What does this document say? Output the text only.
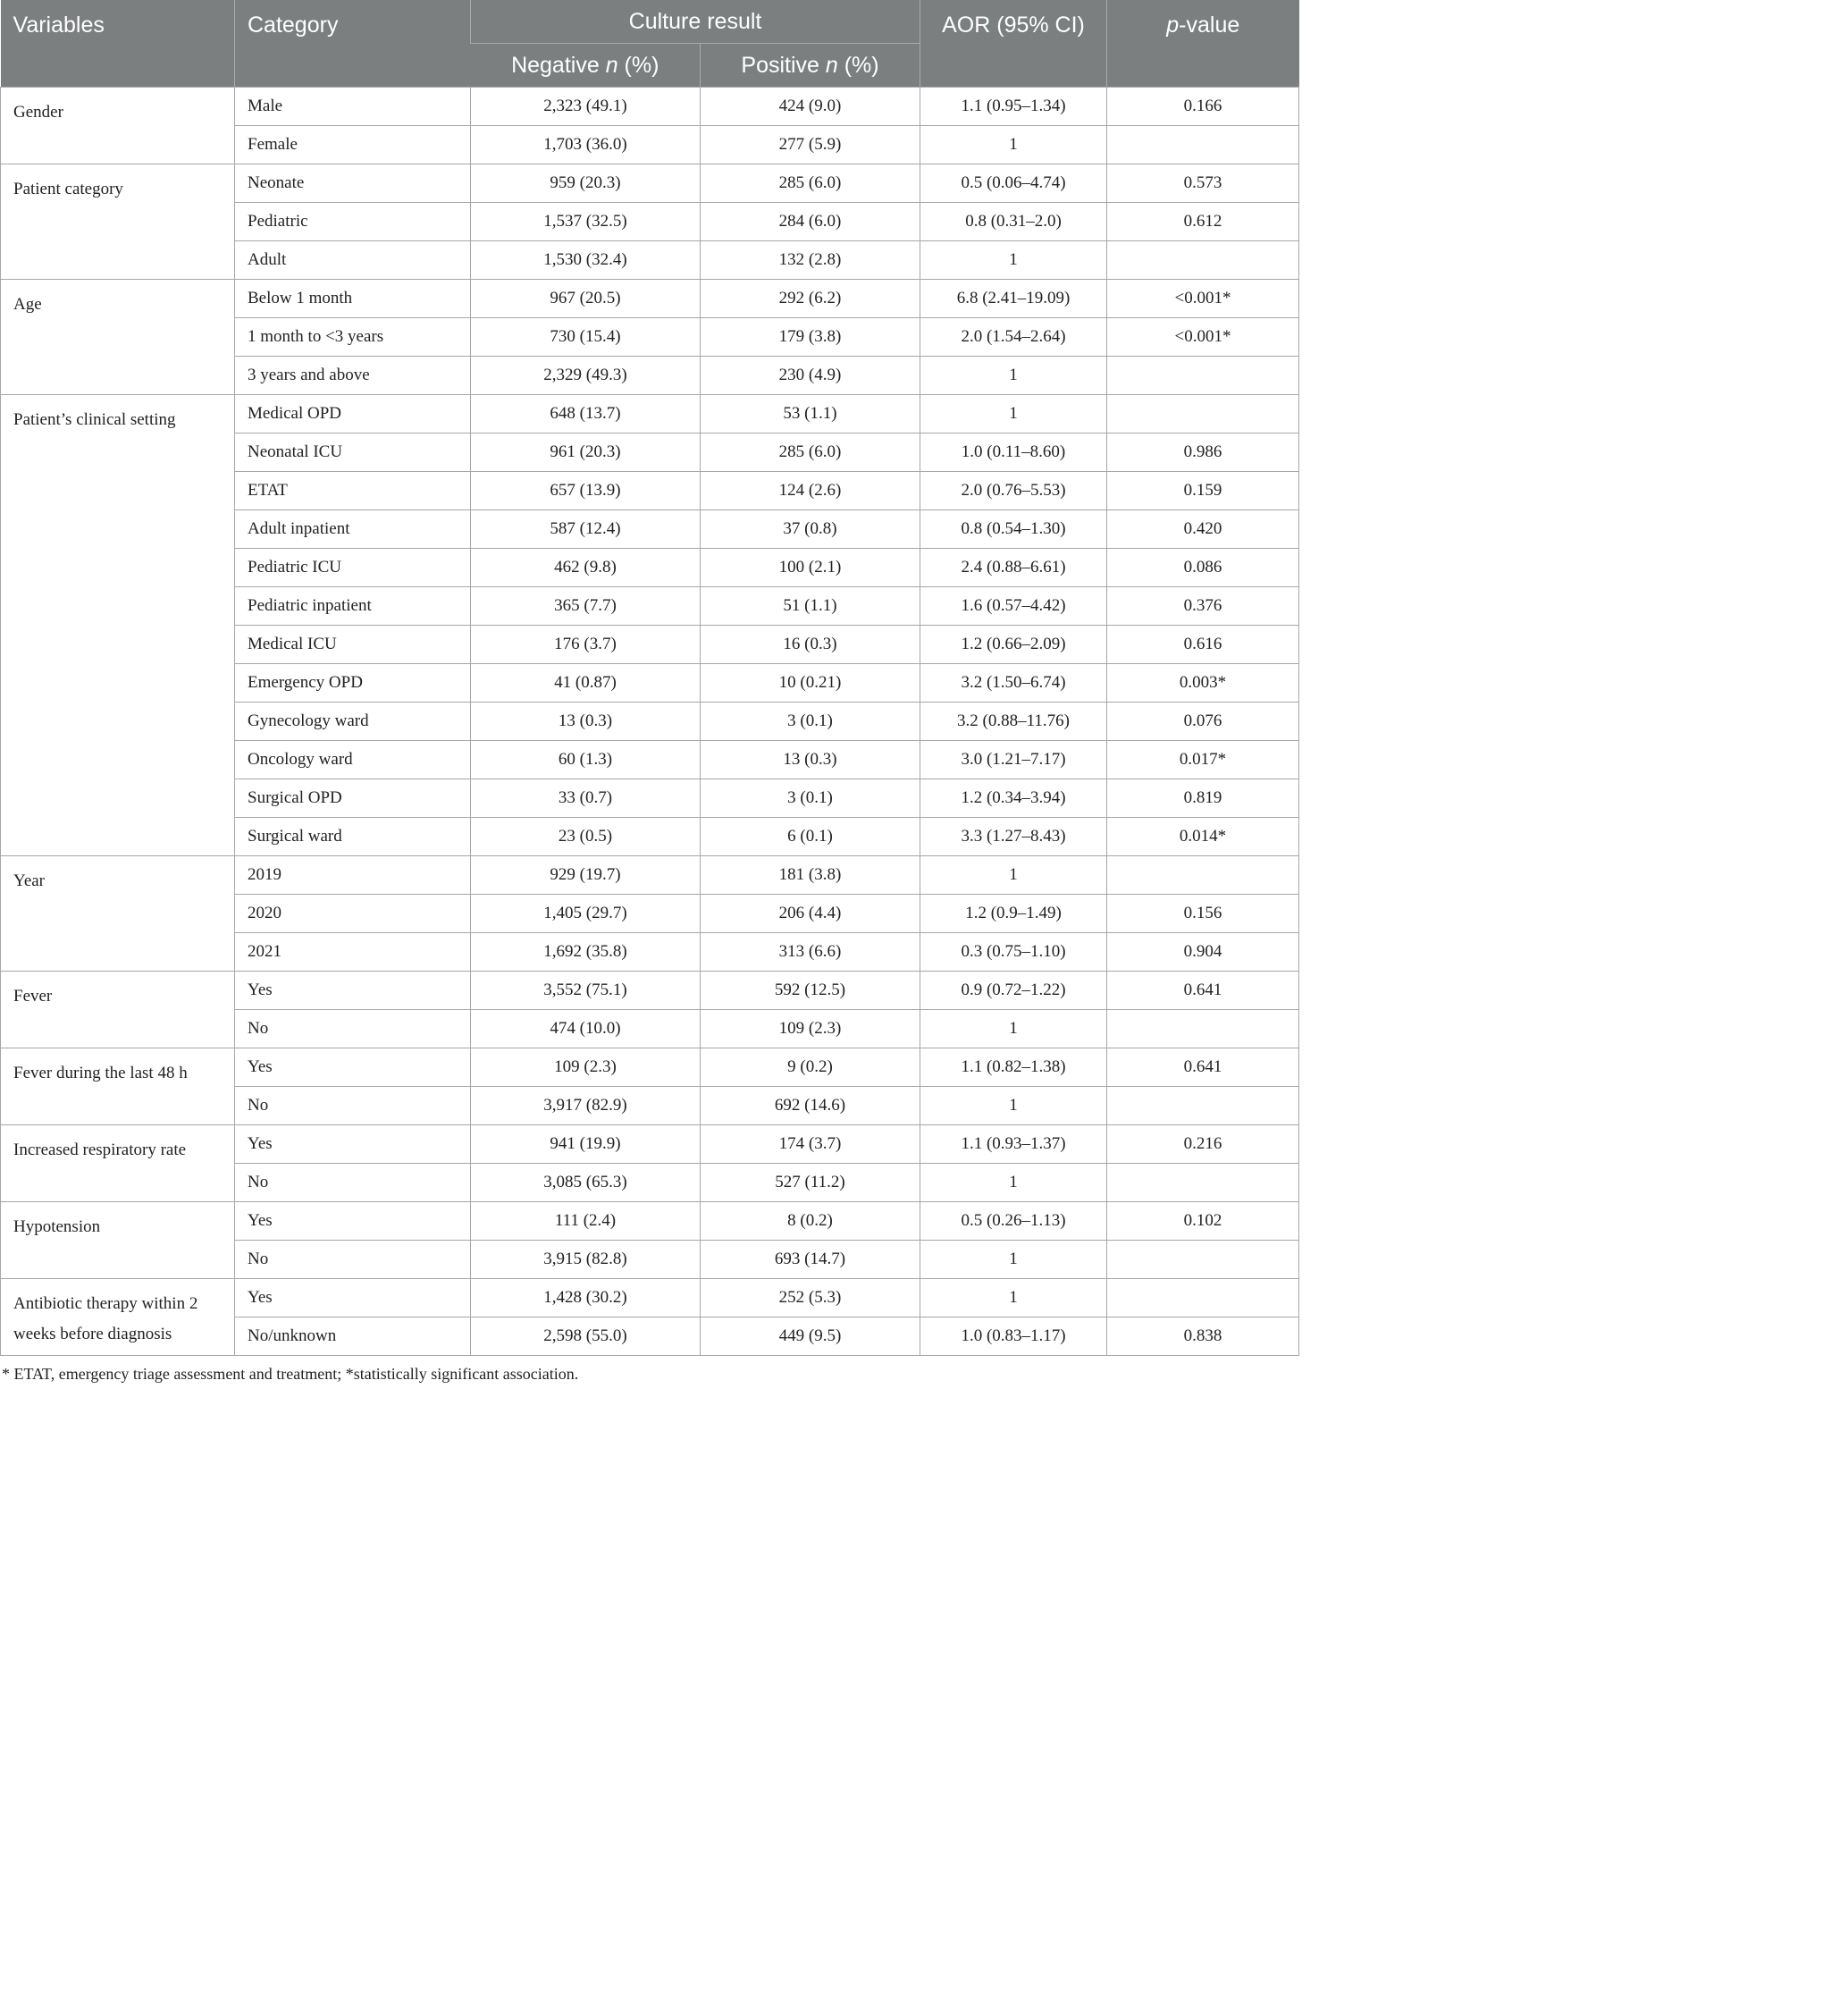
Variables	Category	Culture result		AOR (95% CI)	p-value
		Negative n (%)	Positive n (%)		
Gender	Male	2,323 (49.1)	424 (9.0)	1.1 (0.95–1.34)	0.166
	Female	1,703 (36.0)	277 (5.9)	1	
Patient category	Neonate	959 (20.3)	285 (6.0)	0.5 (0.06–4.74)	0.573
	Pediatric	1,537 (32.5)	284 (6.0)	0.8 (0.31–2.0)	0.612
	Adult	1,530 (32.4)	132 (2.8)	1	
Age	Below 1 month	967 (20.5)	292 (6.2)	6.8 (2.41–19.09)	<0.001*
	1 month to <3 years	730 (15.4)	179 (3.8)	2.0 (1.54–2.64)	<0.001*
	3 years and above	2,329 (49.3)	230 (4.9)	1	
Patient’s clinical setting	Medical OPD	648 (13.7)	53 (1.1)	1	
	Neonatal ICU	961 (20.3)	285 (6.0)	1.0 (0.11–8.60)	0.986
	ETAT	657 (13.9)	124 (2.6)	2.0 (0.76–5.53)	0.159
	Adult inpatient	587 (12.4)	37 (0.8)	0.8 (0.54–1.30)	0.420
	Pediatric ICU	462 (9.8)	100 (2.1)	2.4 (0.88–6.61)	0.086
	Pediatric inpatient	365 (7.7)	51 (1.1)	1.6 (0.57–4.42)	0.376
	Medical ICU	176 (3.7)	16 (0.3)	1.2 (0.66–2.09)	0.616
	Emergency OPD	41 (0.87)	10 (0.21)	3.2 (1.50–6.74)	0.003*
	Gynecology ward	13 (0.3)	3 (0.1)	3.2 (0.88–11.76)	0.076
	Oncology ward	60 (1.3)	13 (0.3)	3.0 (1.21–7.17)	0.017*
	Surgical OPD	33 (0.7)	3 (0.1)	1.2 (0.34–3.94)	0.819
	Surgical ward	23 (0.5)	6 (0.1)	3.3 (1.27–8.43)	0.014*
Year	2019	929 (19.7)	181 (3.8)	1	
	2020	1,405 (29.7)	206 (4.4)	1.2 (0.9–1.49)	0.156
	2021	1,692 (35.8)	313 (6.6)	0.3 (0.75–1.10)	0.904
Fever	Yes	3,552 (75.1)	592 (12.5)	0.9 (0.72–1.22)	0.641
	No	474 (10.0)	109 (2.3)	1	
Fever during the last 48 h	Yes	109 (2.3)	9 (0.2)	1.1 (0.82–1.38)	0.641
	No	3,917 (82.9)	692 (14.6)	1	
Increased respiratory rate	Yes	941 (19.9)	174 (3.7)	1.1 (0.93–1.37)	0.216
	No	3,085 (65.3)	527 (11.2)	1	
Hypotension	Yes	111 (2.4)	8 (0.2)	0.5 (0.26–1.13)	0.102
	No	3,915 (82.8)	693 (14.7)	1	
Antibiotic therapy within 2 weeks before diagnosis	Yes	1,428 (30.2)	252 (5.3)	1	
	No/unknown	2,598 (55.0)	449 (9.5)	1.0 (0.83–1.17)	0.838
* ETAT, emergency triage assessment and treatment; *statistically significant association.
